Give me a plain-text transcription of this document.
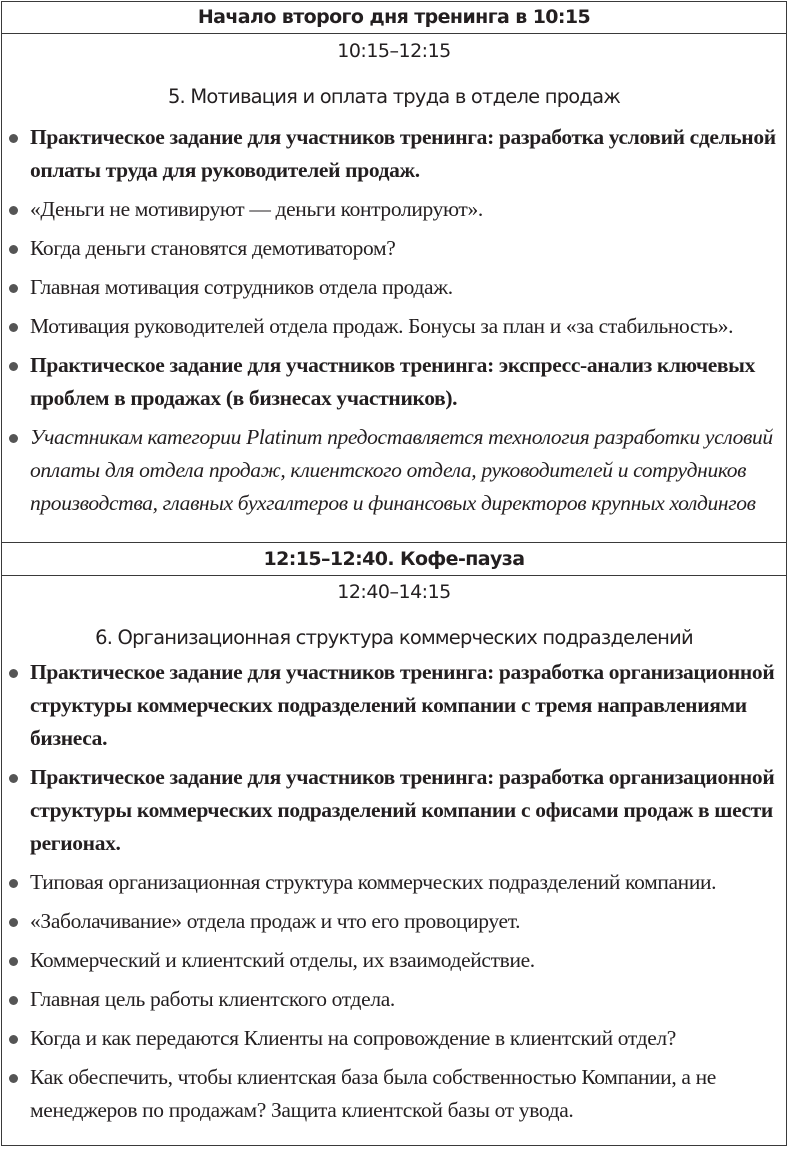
Начало второго дня тренинга в 10:15
10:15–12:15
5. Мотивация и оплата труда в отделе продаж
Практическое задание для участников тренинга: разработка условий сдельной оплаты труда для руководителей продаж.
«Деньги не мотивируют — деньги контролируют».
Когда деньги становятся демотиватором?
Главная мотивация сотрудников отдела продаж.
Мотивация руководителей отдела продаж. Бонусы за план и «за стабильность».
Практическое задание для участников тренинга: экспресс-анализ ключевых проблем в продажах (в бизнесах участников).
Участникам категории Platinum предоставляется технология разработки условий оплаты для отдела продаж, клиентского отдела, руководителей и сотрудников производства, главных бухгалтеров и финансовых директоров крупных холдингов
12:15–12:40. Кофе-пауза
12:40–14:15
6. Организационная структура коммерческих подразделений
Практическое задание для участников тренинга: разработка организационной структуры коммерческих подразделений компании с тремя направлениями бизнеса.
Практическое задание для участников тренинга: разработка организационной структуры коммерческих подразделений компании с офисами продаж в шести регионах.
Типовая организационная структура коммерческих подразделений компании.
«Заболачивание» отдела продаж и что его провоцирует.
Коммерческий и клиентский отделы, их взаимодействие.
Главная цель работы клиентского отдела.
Когда и как передаются Клиенты на сопровождение в клиентский отдел?
Как обеспечить, чтобы клиентская база была собственностью Компании, а не менеджеров по продажам? Защита клиентской базы от увода.
